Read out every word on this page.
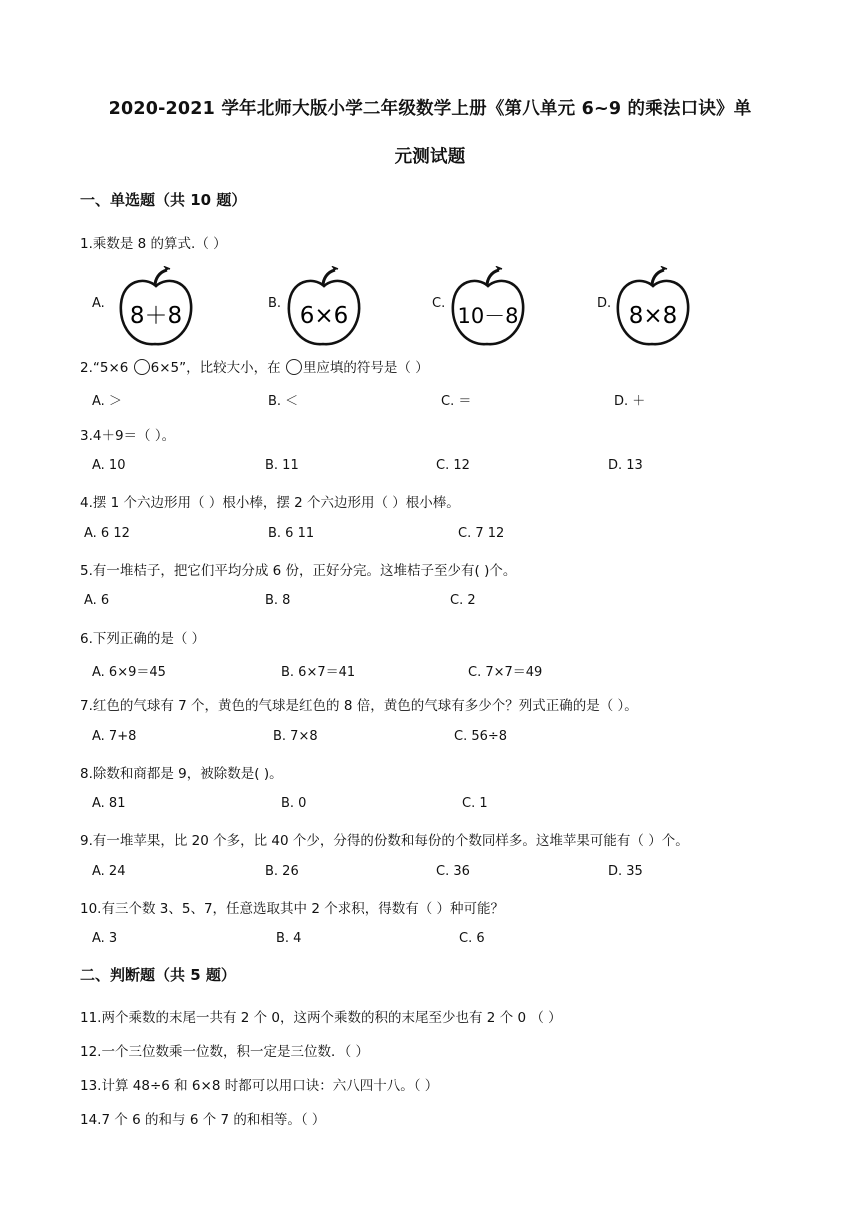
2020-2021 学年北师大版小学二年级数学上册《第八单元 6~9 的乘法口诀》单
元测试题
一、单选题（共 10 题）
1.乘数是 8 的算式.（ ）
A.	B.	C.	D.
8＋8	6×6	10－8	8×8
2.“5×6 6×5”，比较大小，在 里应填的符号是（ ）
A. ＞	B. ＜	C. ＝	D. ＋
3.4＋9＝（ ）。
A. 10	B. 11	C. 12	D. 13
4.摆 1 个六边形用（ ）根小棒，摆 2 个六边形用（ ）根小棒。
A. 6 12	B. 6 11	C. 7 12
5.有一堆桔子，把它们平均分成 6 份，正好分完。这堆桔子至少有( )个。
A. 6	B. 8	C. 2
6.下列正确的是（ ）
A. 6×9＝45	B. 6×7＝41	C. 7×7＝49
7.红色的气球有 7 个，黄色的气球是红色的 8 倍，黄色的气球有多少个？列式正确的是（ ）。
A. 7+8	B. 7×8	C. 56÷8
8.除数和商都是 9，被除数是( )。
A. 81	B. 0	C. 1
9.有一堆苹果，比 20 个多，比 40 个少，分得的份数和每份的个数同样多。这堆苹果可能有（ ）个。
A. 24	B. 26	C. 36	D. 35
10.有三个数 3、5、7，任意选取其中 2 个求积，得数有（ ）种可能？
A. 3	B. 4	C. 6
二、判断题（共 5 题）
11.两个乘数的末尾一共有 2 个 0，这两个乘数的积的末尾至少也有 2 个 0 （ ）
12.一个三位数乘一位数，积一定是三位数．（ ）
13.计算 48÷6 和 6×8 时都可以用口诀：六八四十八。（ ）
14.7 个 6 的和与 6 个 7 的和相等。（ ）
